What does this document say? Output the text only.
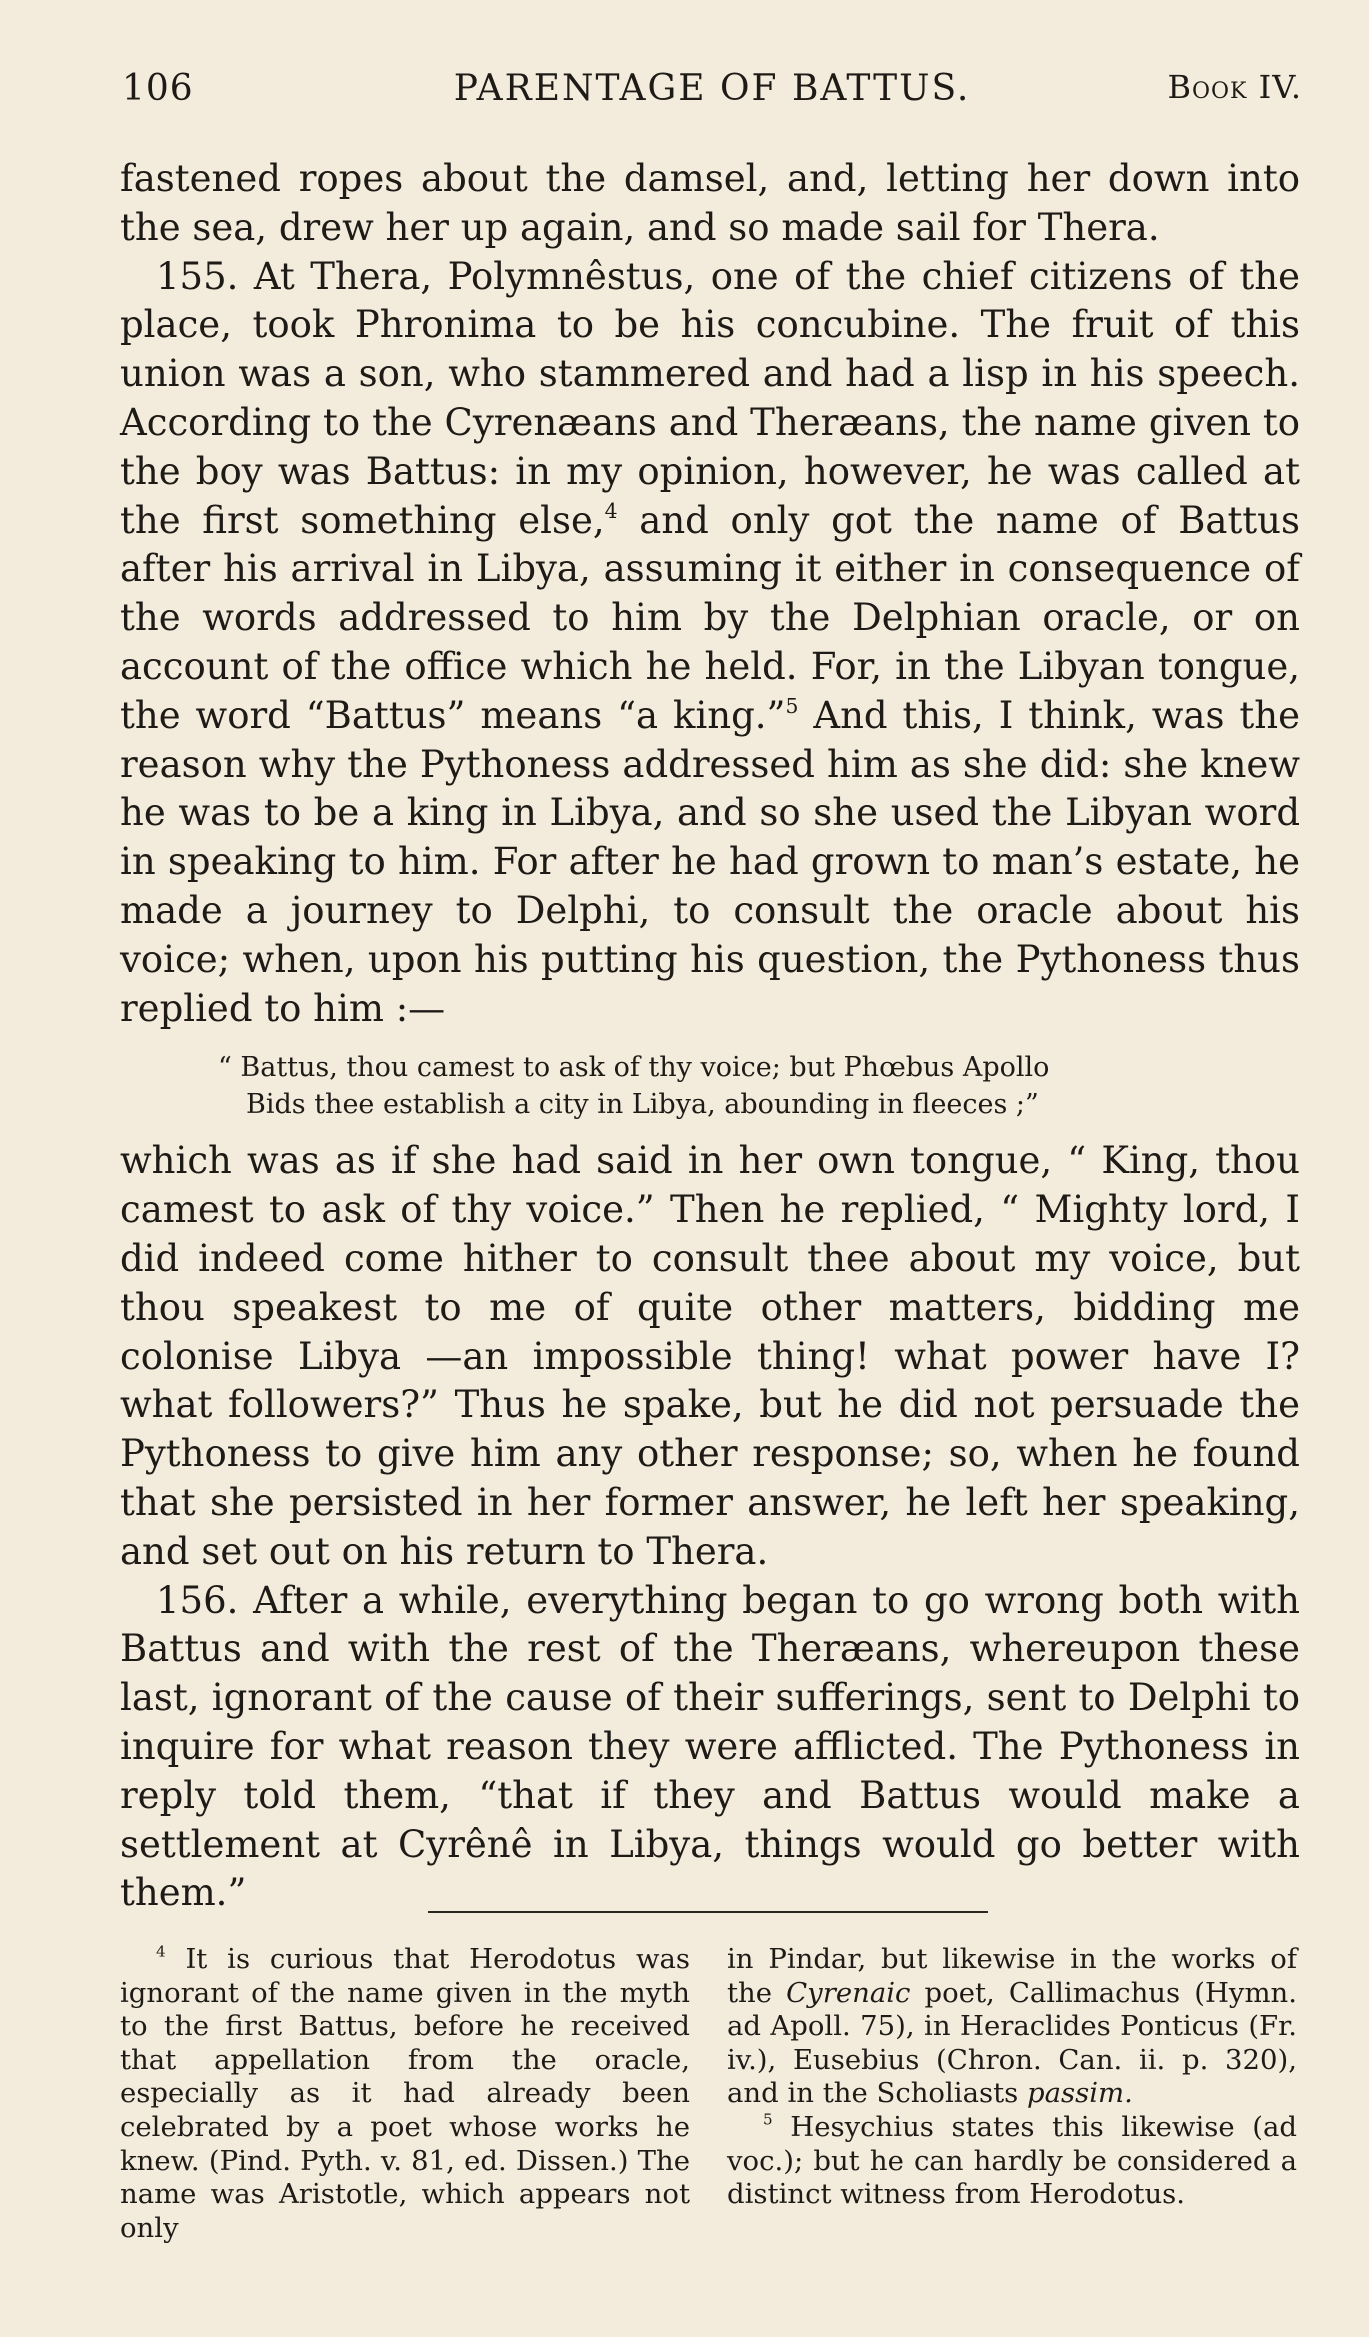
106	PARENTAGE OF BATTUS.	Book IV.

fastened ropes about the damsel, and, letting her down into the sea, drew her up again, and so made sail for Thera.

155. At Thera, Polymnêstus, one of the chief citizens of the place, took Phronima to be his concubine. The fruit of this union was a son, who stammered and had a lisp in his speech. According to the Cyrenæans and Theræans, the name given to the boy was Battus: in my opinion, however, he was called at the first something else,$^4$ and only got the name of Battus after his arrival in Libya, assuming it either in consequence of the words addressed to him by the Delphian oracle, or on account of the office which he held. For, in the Libyan tongue, the word “Battus” means “a king.”$^5$ And this, I think, was the reason why the Pythoness addressed him as she did: she knew he was to be a king in Libya, and so she used the Libyan word in speaking to him. For after he had grown to man’s estate, he made a journey to Delphi, to consult the oracle about his voice; when, upon his putting his question, the Pythoness thus replied to him :—

“ Battus, thou camest to ask of thy voice; but Phœbus Apollo
Bids thee establish a city in Libya, abounding in fleeces ;”

which was as if she had said in her own tongue, “ King, thou camest to ask of thy voice.” Then he replied, “ Mighty lord, I did indeed come hither to consult thee about my voice, but thou speakest to me of quite other matters, bidding me colonise Libya —an impossible thing! what power have I? what followers?” Thus he spake, but he did not persuade the Pythoness to give him any other response; so, when he found that she persisted in her former answer, he left her speaking, and set out on his return to Thera.

156. After a while, everything began to go wrong both with Battus and with the rest of the Theræans, whereupon these last, ignorant of the cause of their sufferings, sent to Delphi to inquire for what reason they were afflicted. The Pythoness in reply told them, “that if they and Battus would make a settlement at Cyrênê in Libya, things would go better with them.”

$^4$ It is curious that Herodotus was ignorant of the name given in the myth to the first Battus, before he received that appellation from the oracle, especially as it had already been celebrated by a poet whose works he knew. (Pind. Pyth. v. 81, ed. Dissen.) The name was Aristotle, which appears not only

in Pindar, but likewise in the works of the Cyrenaic poet, Callimachus (Hymn. ad Apoll. 75), in Heraclides Ponticus (Fr. iv.), Eusebius (Chron. Can. ii. p. 320), and in the Scholiasts passim.

$^5$ Hesychius states this likewise (ad voc.); but he can hardly be considered a distinct witness from Herodotus.
